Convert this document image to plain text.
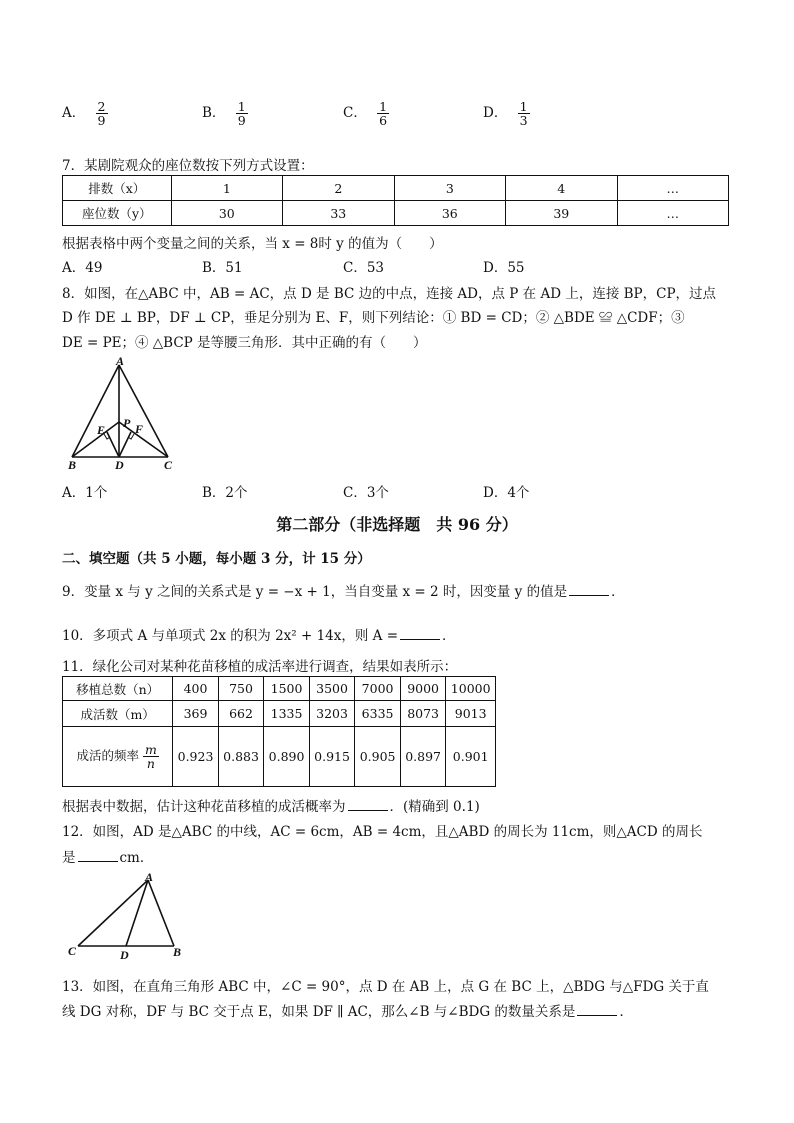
A． $\frac{2}{9}$	B． $\frac{1}{9}$	C． $\frac{1}{6}$	D． $\frac{1}{3}$
7．某剧院观众的座位数按下列方式设置：
排数（x）	1	2	3	4	…
座位数（y）	30	33	36	39	…
根据表格中两个变量之间的关系，当 x = 8时 y 的值为（　　）
A．49	B．51	C．53	D．55
8．如图，在△ABC 中，AB = AC，点 D 是 BC 边的中点，连接 AD，点 P 在 AD 上，连接 BP，CP，过点
D 作 DE ⊥ BP，DF ⊥ CP，垂足分别为 E、F，则下列结论：① BD = CD；② △BDE ≌ △CDF；③
DE = PE；④ △BCP 是等腰三角形．其中正确的有（　　）
A
E P F
B	D	C
A．1个	B．2个	C．3个	D．4个
第二部分（非选择题　共 96 分）
二、填空题（共 5 小题，每小题 3 分，计 15 分）
9．变量 x 与 y 之间的关系式是 y = −x + 1，当自变量 x = 2 时，因变量 y 的值是	．
10．多项式 A 与单项式 2x 的积为 2x² + 14x，则 A =	．
11．绿化公司对某种花苗移植的成活率进行调查，结果如表所示：
移植总数（n）	400	750	1500	3500	7000	9000	10000
成活数（m）	369	662	1335	3203	6335	8073	9013
成活的频率 $\frac{m}{n}$	0.923	0.883	0.890	0.915	0.905	0.897	0.901
根据表中数据，估计这种花苗移植的成活概率为	．(精确到 0.1)
12．如图，AD 是△ABC 的中线，AC = 6cm，AB = 4cm，且△ABD 的周长为 11cm，则△ACD 的周长
是	cm．
A
C	D	B
13．如图，在直角三角形 ABC 中，∠C = 90°，点 D 在 AB 上，点 G 在 BC 上，△BDG 与△FDG 关于直
线 DG 对称，DF 与 BC 交于点 E，如果 DF ∥ AC，那么∠B 与∠BDG 的数量关系是	．
